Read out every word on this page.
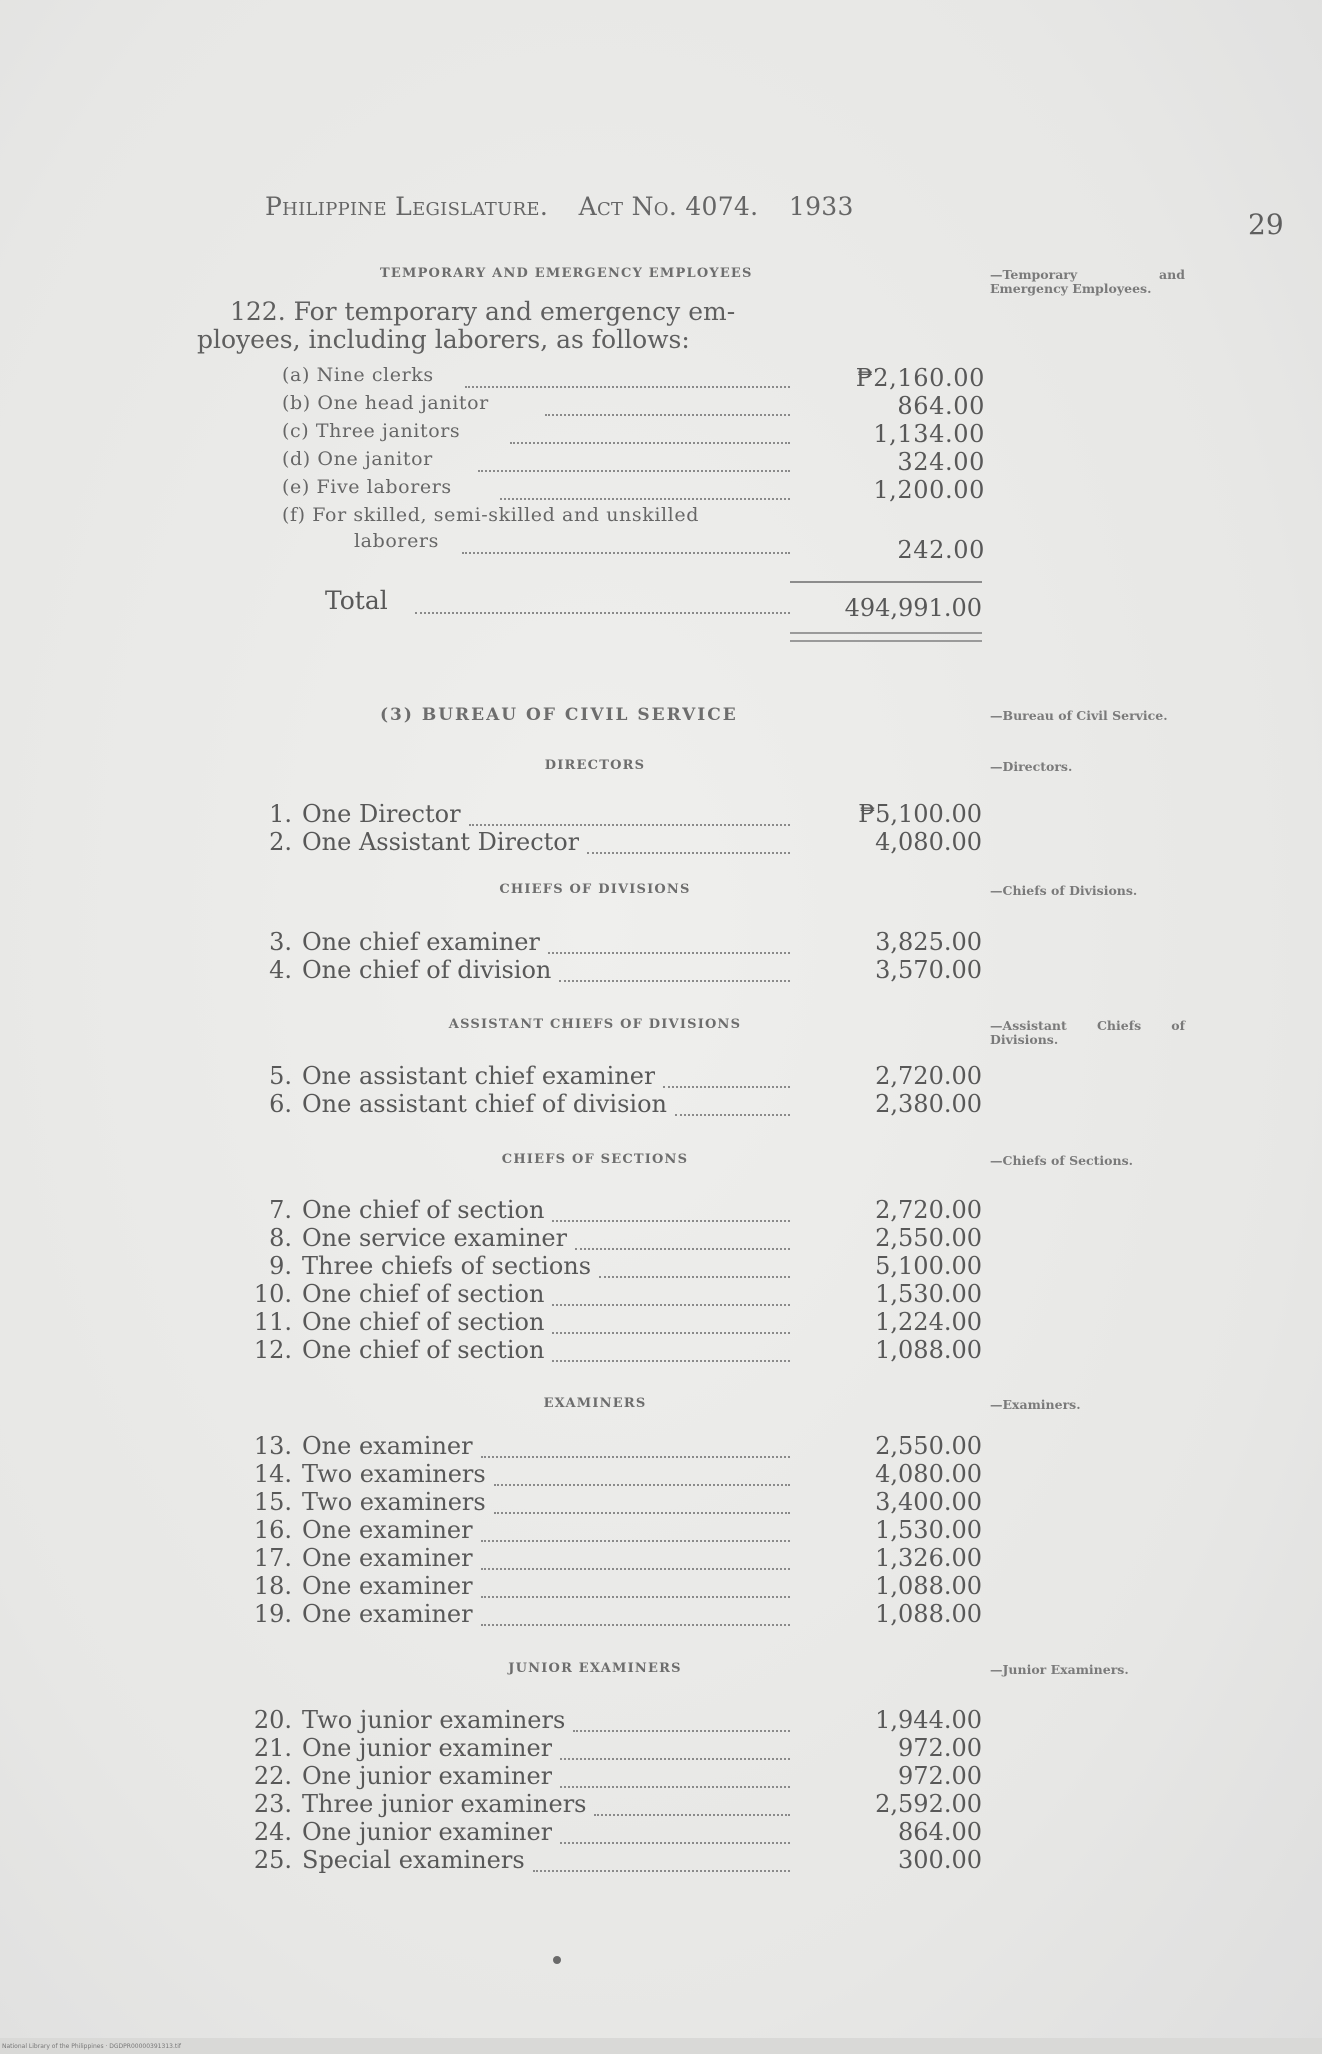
Philippine Legislature. Act No. 4074. 1933
29
TEMPORARY AND EMERGENCY EMPLOYEES	—Temporary and Emergency Employees.
122. For temporary and emergency em-
ployees, including laborers, as follows:
(a) Nine clerks	₱2,160.00
(b) One head janitor	864.00
(c) Three janitors	1,134.00
(d) One janitor	324.00
(e) Five laborers	1,200.00
(f) For skilled, semi-skilled and unskilled
laborers	242.00
Total	494,991.00
(3) BUREAU OF CIVIL SERVICE	—Bureau of Civil Service.
DIRECTORS	—Directors.
1. One Director	₱5,100.00
2. One Assistant Director	4,080.00
CHIEFS OF DIVISIONS	—Chiefs of Divisions.
3. One chief examiner	3,825.00
4. One chief of division	3,570.00
ASSISTANT CHIEFS OF DIVISIONS	—Assistant Chiefs of Divisions.
5. One assistant chief examiner	2,720.00
6. One assistant chief of division	2,380.00
CHIEFS OF SECTIONS	—Chiefs of Sections.
7. One chief of section	2,720.00
8. One service examiner	2,550.00
9. Three chiefs of sections	5,100.00
10. One chief of section	1,530.00
11. One chief of section	1,224.00
12. One chief of section	1,088.00
EXAMINERS	—Examiners.
13. One examiner	2,550.00
14. Two examiners	4,080.00
15. Two examiners	3,400.00
16. One examiner	1,530.00
17. One examiner	1,326.00
18. One examiner	1,088.00
19. One examiner	1,088.00
JUNIOR EXAMINERS	—Junior Examiners.
20. Two junior examiners	1,944.00
21. One junior examiner	972.00
22. One junior examiner	972.00
23. Three junior examiners	2,592.00
24. One junior examiner	864.00
25. Special examiners	300.00
National Library of the Philippines · DGDPR00000391313.tif
